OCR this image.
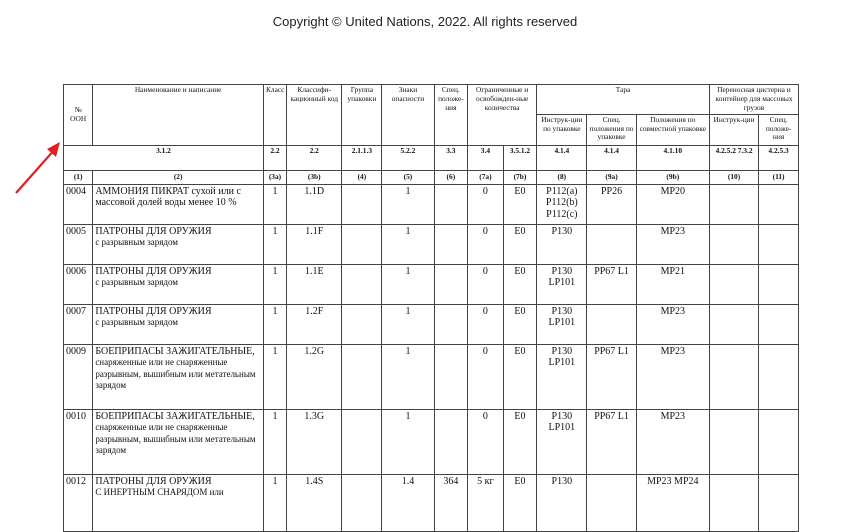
Copyright © United Nations, 2022. All rights reserved
№ ООН	Наименование и написание	Класс	Классифи-кационный код	Группа упаковки	Знаки опасности	Спец. положе-ния	Ограниченные и освобожден-ные количества		Тара			Переносная цистерна и контейнер для массовых грузов	
									Инструк-ции по упаковке	Спец. положения по упаковке	Положения по совместной упаковке	Инструк-ции	Спец. положе-ния
3.1.2		2.2	2.2	2.1.1.3	5.2.2	3.3	3.4	3.5.1.2	4.1.4	4.1.4	4.1.10	4.2.5.2 7.3.2	4.2.5.3
(1)	(2)	(3a)	(3b)	(4)	(5)	(6)	(7a)	(7b)	(8)	(9a)	(9b)	(10)	(11)
0004	АММОНИЯ ПИКРАТ сухой или с массовой долей воды менее 10 %	1	1.1D		1		0	E0	P112(a) P112(b) P112(c)	PP26	MP20		
0005	ПАТРОНЫ ДЛЯ ОРУЖИЯ
с разрывным зарядом	1	1.1F		1		0	E0	P130		MP23		
0006	ПАТРОНЫ ДЛЯ ОРУЖИЯ
с разрывным зарядом	1	1.1E		1		0	E0	P130 LP101	PP67 L1	MP21		
0007	ПАТРОНЫ ДЛЯ ОРУЖИЯ
с разрывным зарядом	1	1.2F		1		0	E0	P130 LP101		MP23		
0009	БОЕПРИПАСЫ ЗАЖИГАТЕЛЬНЫЕ, снаряженные или не снаряженные разрывным, вышибным или метательным зарядом	1	1.2G		1		0	E0	P130 LP101	PP67 L1	MP23		
0010	БОЕПРИПАСЫ ЗАЖИГАТЕЛЬНЫЕ, снаряженные или не снаряженные разрывным, вышибным или метательным зарядом	1	1.3G		1		0	E0	P130 LP101	PP67 L1	MP23		
0012	ПАТРОНЫ ДЛЯ ОРУЖИЯ
С ИНЕРТНЫМ СНАРЯДОМ или	1	1.4S		1.4	364	5 кг	E0	P130		MP23 MP24		
